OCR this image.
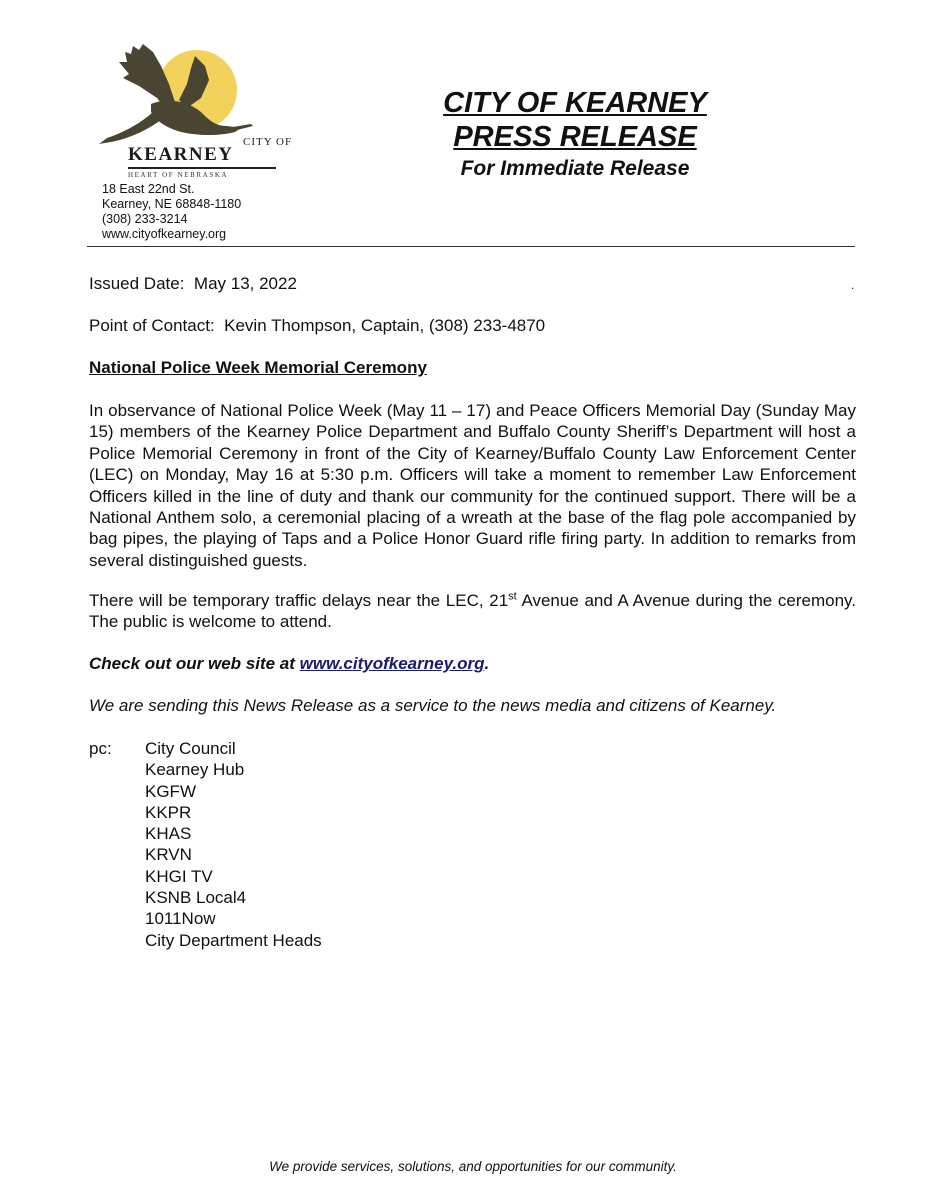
CITY OF
KEARNEY
HEART OF NEBRASKA
18 East 22nd St.
Kearney, NE 68848-1180
(308) 233-3214
www.cityofkearney.org
CITY OF KEARNEY
PRESS RELEASE
For Immediate Release
.
Issued Date: May 13, 2022
Point of Contact: Kevin Thompson, Captain, (308) 233-4870
National Police Week Memorial Ceremony
In observance of National Police Week (May 11 – 17) and Peace Officers Memorial Day (Sunday May 15) members of the Kearney Police Department and Buffalo County Sheriff’s Department will host a Police Memorial Ceremony in front of the City of Kearney/Buffalo County Law Enforcement Center (LEC) on Monday, May 16 at 5:30 p.m. Officers will take a moment to remember Law Enforcement Officers killed in the line of duty and thank our community for the continued support. There will be a National Anthem solo, a ceremonial placing of a wreath at the base of the flag pole accompanied by bag pipes, the playing of Taps and a Police Honor Guard rifle firing party. In addition to remarks from several distinguished guests.
There will be temporary traffic delays near the LEC, 21st Avenue and A Avenue during the ceremony. The public is welcome to attend.
Check out our web site at www.cityofkearney.org.
We are sending this News Release as a service to the news media and citizens of Kearney.
pc: City Council
Kearney Hub
KGFW
KKPR
KHAS
KRVN
KHGI TV
KSNB Local4
1011Now
City Department Heads
We provide services, solutions, and opportunities for our community.
